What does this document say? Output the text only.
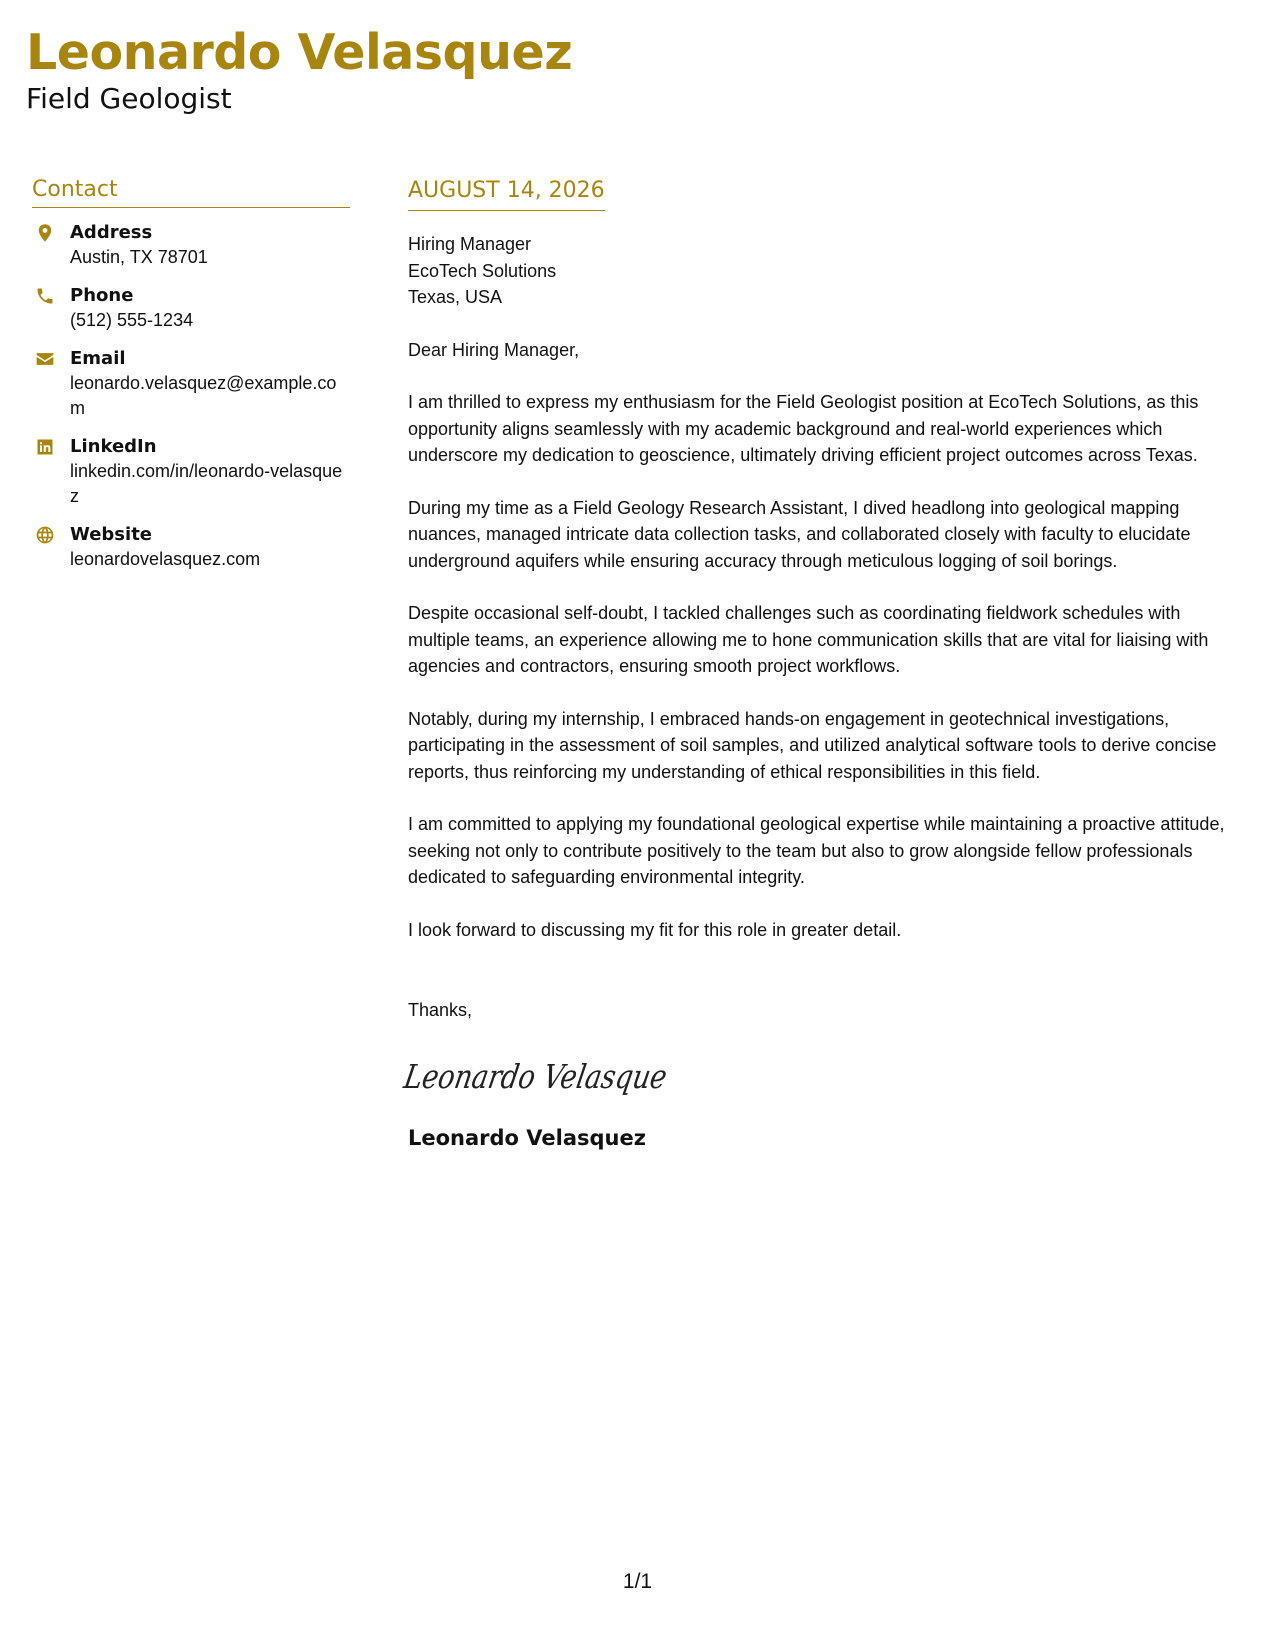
Leonardo Velasquez
Field Geologist
Contact
Address
Austin, TX 78701
Phone
(512) 555-1234
Email
leonardo.velasquez@example.com
LinkedIn
linkedin.com/in/leonardo-velasquez
Website
leonardovelasquez.com
AUGUST 14, 2026

Hiring Manager

EcoTech Solutions

Texas, USA

Dear Hiring Manager,

I am thrilled to express my enthusiasm for the Field Geologist position at EcoTech Solutions, as this opportunity aligns seamlessly with my academic background and real-world experiences which underscore my dedication to geoscience, ultimately driving efficient project outcomes across Texas.

During my time as a Field Geology Research Assistant, I dived headlong into geological mapping nuances, managed intricate data collection tasks, and collaborated closely with faculty to elucidate underground aquifers while ensuring accuracy through meticulous logging of soil borings.

Despite occasional self-doubt, I tackled challenges such as coordinating fieldwork schedules with multiple teams, an experience allowing me to hone communication skills that are vital for liaising with agencies and contractors, ensuring smooth project workflows.

Notably, during my internship, I embraced hands-on engagement in geotechnical investigations, participating in the assessment of soil samples, and utilized analytical software tools to derive concise reports, thus reinforcing my understanding of ethical responsibilities in this field.

I am committed to applying my foundational geological expertise while maintaining a proactive attitude, seeking not only to contribute positively to the team but also to grow alongside fellow professionals dedicated to safeguarding environmental integrity.

I look forward to discussing my fit for this role in greater detail.

Thanks,

Leonardo Velasque

Leonardo Velasquez

1/1
